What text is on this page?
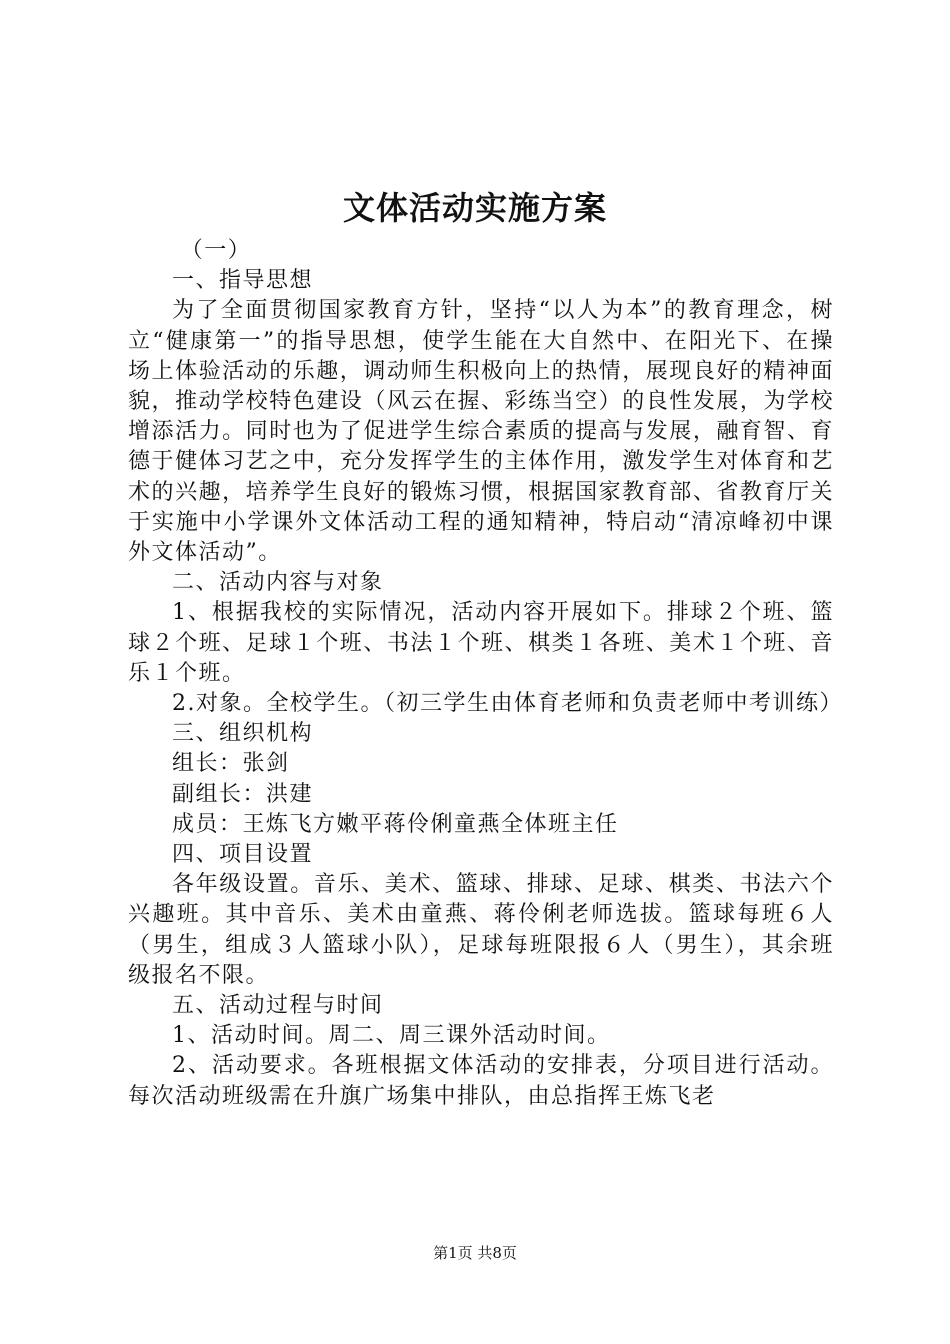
文体活动实施方案

（一）

一、指导思想

为了全面贯彻国家教育方针，坚持“以人为本”的教育理念，树立“健康第一”的指导思想，使学生能在大自然中、在阳光下、在操场上体验活动的乐趣，调动师生积极向上的热情，展现良好的精神面貌，推动学校特色建设（风云在握、彩练当空）的良性发展，为学校增添活力。同时也为了促进学生综合素质的提高与发展，融育智、育德于健体习艺之中，充分发挥学生的主体作用，激发学生对体育和艺术的兴趣，培养学生良好的锻炼习惯，根据国家教育部、省教育厅关于实施中小学课外文体活动工程的通知精神，特启动“清凉峰初中课外文体活动”。

二、活动内容与对象

1、根据我校的实际情况，活动内容开展如下。排球２个班、篮球２个班、足球１个班、书法１个班、棋类１各班、美术１个班、音乐１个班。

2.对象。全校学生。（初三学生由体育老师和负责老师中考训练）

三、组织机构

组长：张剑

副组长：洪建

成员：王炼飞方嫩平蒋伶俐童燕全体班主任

四、项目设置

各年级设置。音乐、美术、篮球、排球、足球、棋类、书法六个兴趣班。其中音乐、美术由童燕、蒋伶俐老师选拔。篮球每班６人（男生，组成３人篮球小队），足球每班限报６人（男生），其余班级报名不限。

五、活动过程与时间

1、活动时间。周二、周三课外活动时间。

2、活动要求。各班根据文体活动的安排表，分项目进行活动。每次活动班级需在升旗广场集中排队，由总指挥王炼飞老

第1页 共8页
